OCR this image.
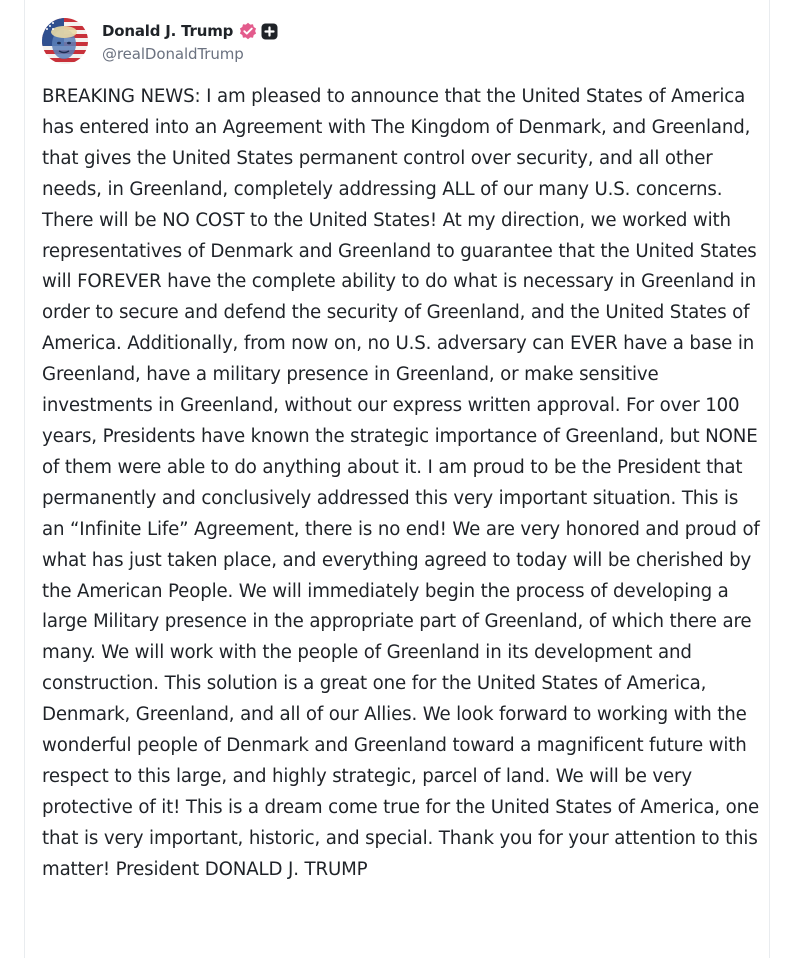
Donald J. Trump
@realDonaldTrump

BREAKING NEWS: I am pleased to announce that the United States of America has entered into an Agreement with The Kingdom of Denmark, and Greenland, that gives the United States permanent control over security, and all other needs, in Greenland, completely addressing ALL of our many U.S. concerns. There will be NO COST to the United States! At my direction, we worked with representatives of Denmark and Greenland to guarantee that the United States will FOREVER have the complete ability to do what is necessary in Greenland in order to secure and defend the security of Greenland, and the United States of America. Additionally, from now on, no U.S. adversary can EVER have a base in Greenland, have a military presence in Greenland, or make sensitive investments in Greenland, without our express written approval. For over 100 years, Presidents have known the strategic importance of Greenland, but NONE of them were able to do anything about it. I am proud to be the President that permanently and conclusively addressed this very important situation. This is an “Infinite Life” Agreement, there is no end! We are very honored and proud of what has just taken place, and everything agreed to today will be cherished by the American People. We will immediately begin the process of developing a large Military presence in the appropriate part of Greenland, of which there are many. We will work with the people of Greenland in its development and construction. This solution is a great one for the United States of America, Denmark, Greenland, and all of our Allies. We look forward to working with the wonderful people of Denmark and Greenland toward a magnificent future with respect to this large, and highly strategic, parcel of land. We will be very protective of it! This is a dream come true for the United States of America, one that is very important, historic, and special. Thank you for your attention to this matter! President DONALD J. TRUMP
